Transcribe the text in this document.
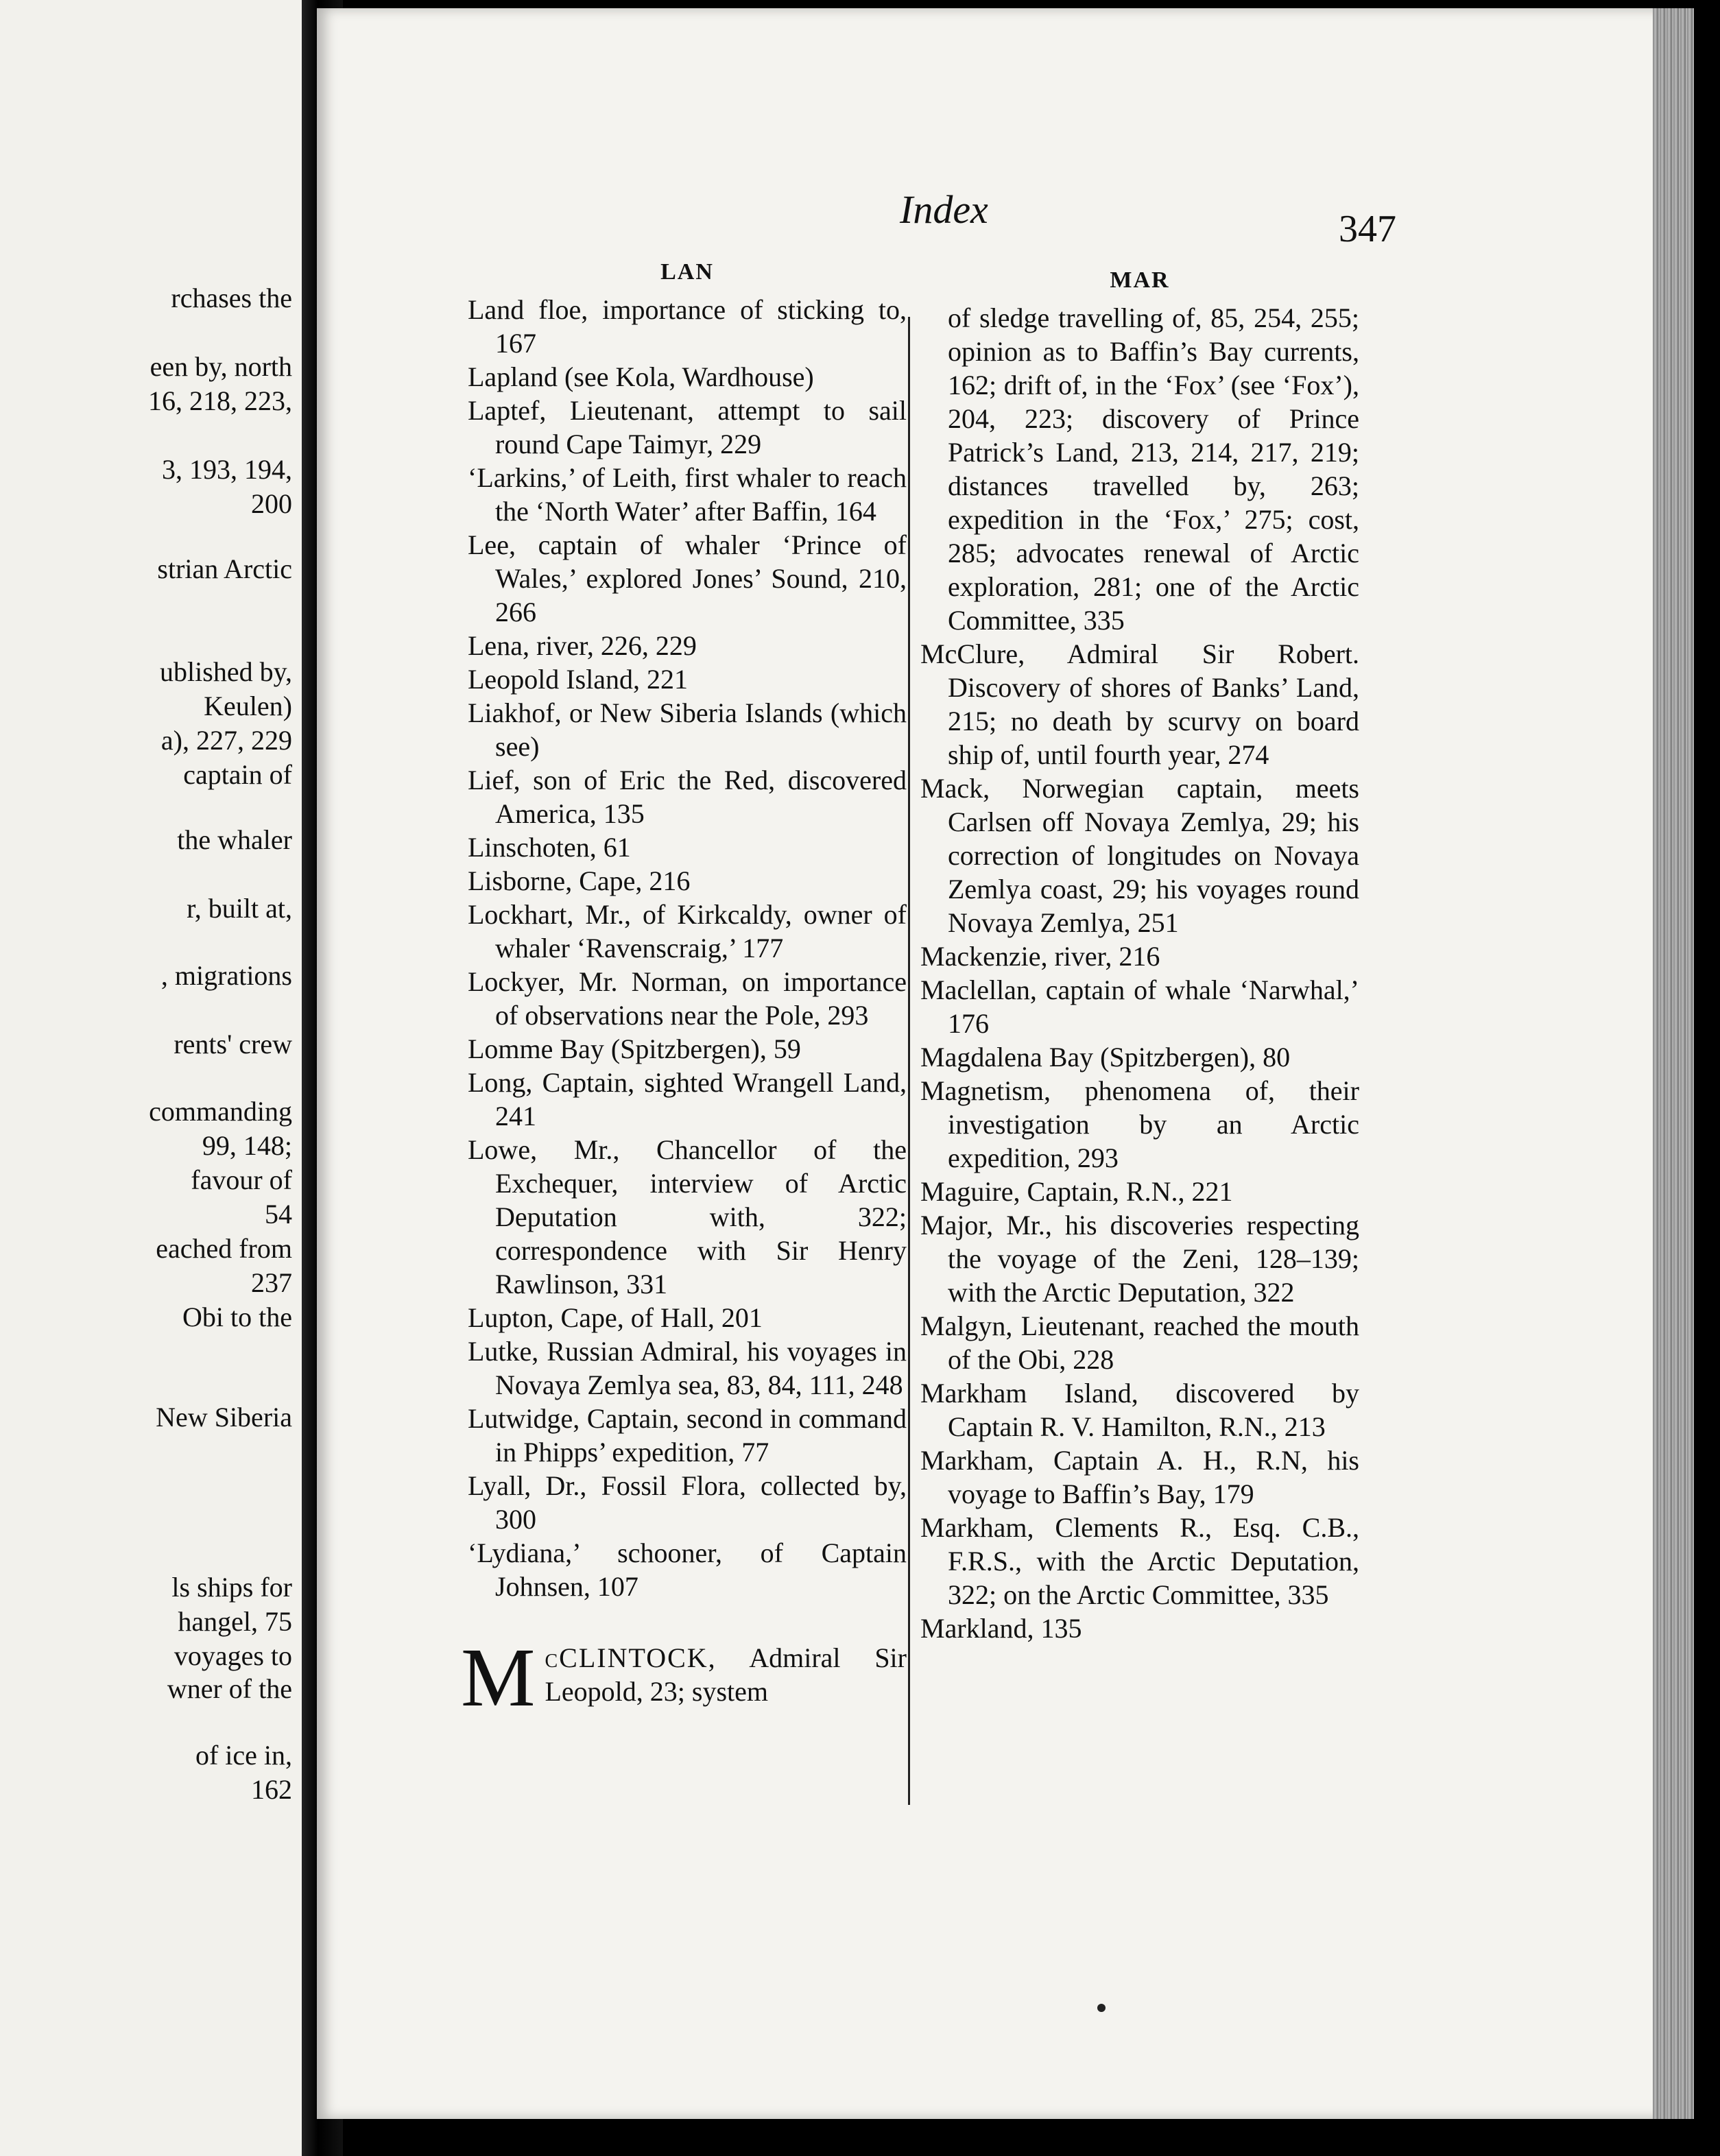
rchases the

een by, north

16, 218, 223,

3, 193, 194,

200

strian Arctic

ublished by,

Keulen)

a), 227, 229

captain of

the whaler

r, built at,

, migrations

rents' crew

commanding

99, 148;

favour of

54

eached from

237

Obi to the

New Siberia

ls ships for

hangel, 75

voyages to

wner of the

of ice in,

162

Index	347
LAN
Land floe, importance of sticking to, 167
Lapland (see Kola, Wardhouse)
Laptef, Lieutenant, attempt to sail round Cape Taimyr, 229
‘Larkins,’ of Leith, first whaler to reach the ‘North Water’ after Baffin, 164
Lee, captain of whaler ‘Prince of Wales,’ explored Jones’ Sound, 210, 266
Lena, river, 226, 229
Leopold Island, 221
Liakhof, or New Siberia Islands (which see)
Lief, son of Eric the Red, discovered America, 135
Linschoten, 61
Lisborne, Cape, 216
Lockhart, Mr., of Kirkcaldy, owner of whaler ‘Ravenscraig,’ 177
Lockyer, Mr. Norman, on importance of observations near the Pole, 293
Lomme Bay (Spitzbergen), 59
Long, Captain, sighted Wrangell Land, 241
Lowe, Mr., Chancellor of the Exchequer, interview of Arctic Deputation with, 322; correspondence with Sir Henry Rawlinson, 331
Lupton, Cape, of Hall, 201
Lutke, Russian Admiral, his voyages in Novaya Zemlya sea, 83, 84, 111, 248
Lutwidge, Captain, second in command in Phipps’ expedition, 77
Lyall, Dr., Fossil Flora, collected by, 300
‘Lydiana,’ schooner, of Captain Johnsen, 107
McCLINTOCK, Admiral Sir Leopold, 23; system
MAR
of sledge travelling of, 85, 254, 255; opinion as to Baffin’s Bay currents, 162; drift of, in the ‘Fox’ (see ‘Fox’), 204, 223; discovery of Prince Patrick’s Land, 213, 214, 217, 219; distances travelled by, 263; expedition in the ‘Fox,’ 275; cost, 285; advocates renewal of Arctic exploration, 281; one of the Arctic Committee, 335
McClure, Admiral Sir Robert. Discovery of shores of Banks’ Land, 215; no death by scurvy on board ship of, until fourth year, 274
Mack, Norwegian captain, meets Carlsen off Novaya Zemlya, 29; his correction of longitudes on Novaya Zemlya coast, 29; his voyages round Novaya Zemlya, 251
Mackenzie, river, 216
Maclellan, captain of whale ‘Narwhal,’ 176
Magdalena Bay (Spitzbergen), 80
Magnetism, phenomena of, their investigation by an Arctic expedition, 293
Maguire, Captain, R.N., 221
Major, Mr., his discoveries respecting the voyage of the Zeni, 128–139; with the Arctic Deputation, 322
Malgyn, Lieutenant, reached the mouth of the Obi, 228
Markham Island, discovered by Captain R. V. Hamilton, R.N., 213
Markham, Captain A. H., R.N, his voyage to Baffin’s Bay, 179
Markham, Clements R., Esq. C.B., F.R.S., with the Arctic Deputation, 322; on the Arctic Committee, 335
Markland, 135
